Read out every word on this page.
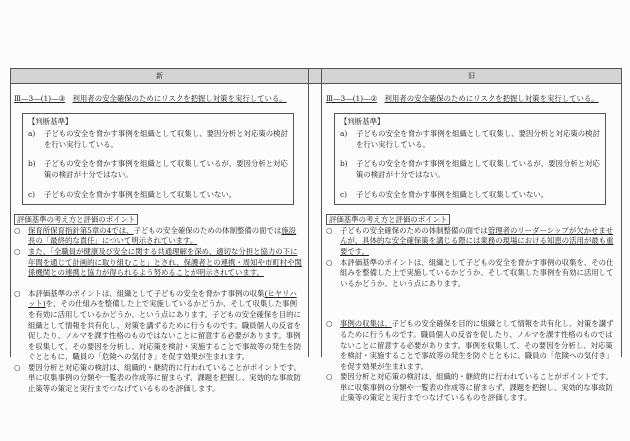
新	旧
Ⅲ―3―(1)―③　 利用者の安全確保のためにリスクを把握し対策を実行している。
【判断基準】
a)	子どもの安全を脅かす事例を組織として収集し、要因分析と対応策の検討を行い実行している。
b)	子どもの安全を脅かす事例を組織として収集しているが、要因分析と対応策の検討が十分ではない。
c)	子どもの安全を脅かす事例を組織として収集していない。
評価基準の考え方と評価のポイント
○	保育所保育指針第5章の4では、子どもの安全確保のための体制整備の面では施設長の「最終的な責任」について明示されています。
○	また、「全職員が健康及び安全に関する共通理解を深め、適切な分担と協力の下に年間を通じて計画的に取り組むこと」とされ、保護者との連携・周知や市町村や関係機関との連携と協力が得られるよう努めることが明示されています。
○	本評価基準のポイントは、組織として子どもの安全を脅かす事例の収集(ヒヤリハット)を、その仕組みを整備した上で実施しているかどうか、そして収集した事例を有効に活用しているかどうか、という点にあります。子どもの安全確保を目的に組織として情報を共有化し、対策を講ずるために行うものです。職員個人の反省を促したり、ノルマを課す性格のものではないことに留意する必要があります。事例を収集して、その要因を分析し、対応策を検討・実施することで事故等の発生を防ぐとともに、職員の「危険への気付き」を促す効果が生まれます。
○	要因分析と対応策の検討は、組織的・継続的に行われていることがポイントです。単に収集事例の分類や一覧表の作成等に留まらず、課題を把握し、実効的な事故防止策等の策定と実行までつなげているものを評価します。
Ⅲ―3―(1)―②　 利用者の安全確保のためにリスクを把握し対策を実行している。
【判断基準】
a)	子どもの安全を脅かす事例を組織として収集し、要因分析と対応策の検討を行い実行している。
b)	子どもの安全を脅かす事例を組織として収集しているが、要因分析と対応策の検討が十分ではない。
c)	子どもの安全を脅かす事例を組織として収集していない。
評価基準の考え方と評価のポイント
○	子どもの安全確保のための体制整備の面では管理者のリーダーシップが欠かせませんが、具体的な安全確保策を講じる際には業務の現場における知恵の活用が最も重要です。
○	本評価基準のポイントは、組織として子どもの安全を脅かす事例の収集を、その仕組みを整備した上で実施しているかどうか、そして収集した事例を有効に活用しているかどうか、という点にあります。
○	事例の収集は、子どもの安全確保を目的に組織として情報を共有化し、対策を講ずるために行うものです。職員個人の反省を促したり、ノルマを課す性格のものではないことに留意する必要があります。事例を収集して、その要因を分析し、対応策を検討・実施することで事故等の発生を防ぐとともに、職員の「危険への気付き」を促す効果が生まれます。
○	要因分析と対応策の検討は、組織的・継続的に行われていることがポイントです。単に収集事例の分類や一覧表の作成等に留まらず、課題を把握し、実効的な事故防止策等の策定と実行までつなげているものを評価します。
